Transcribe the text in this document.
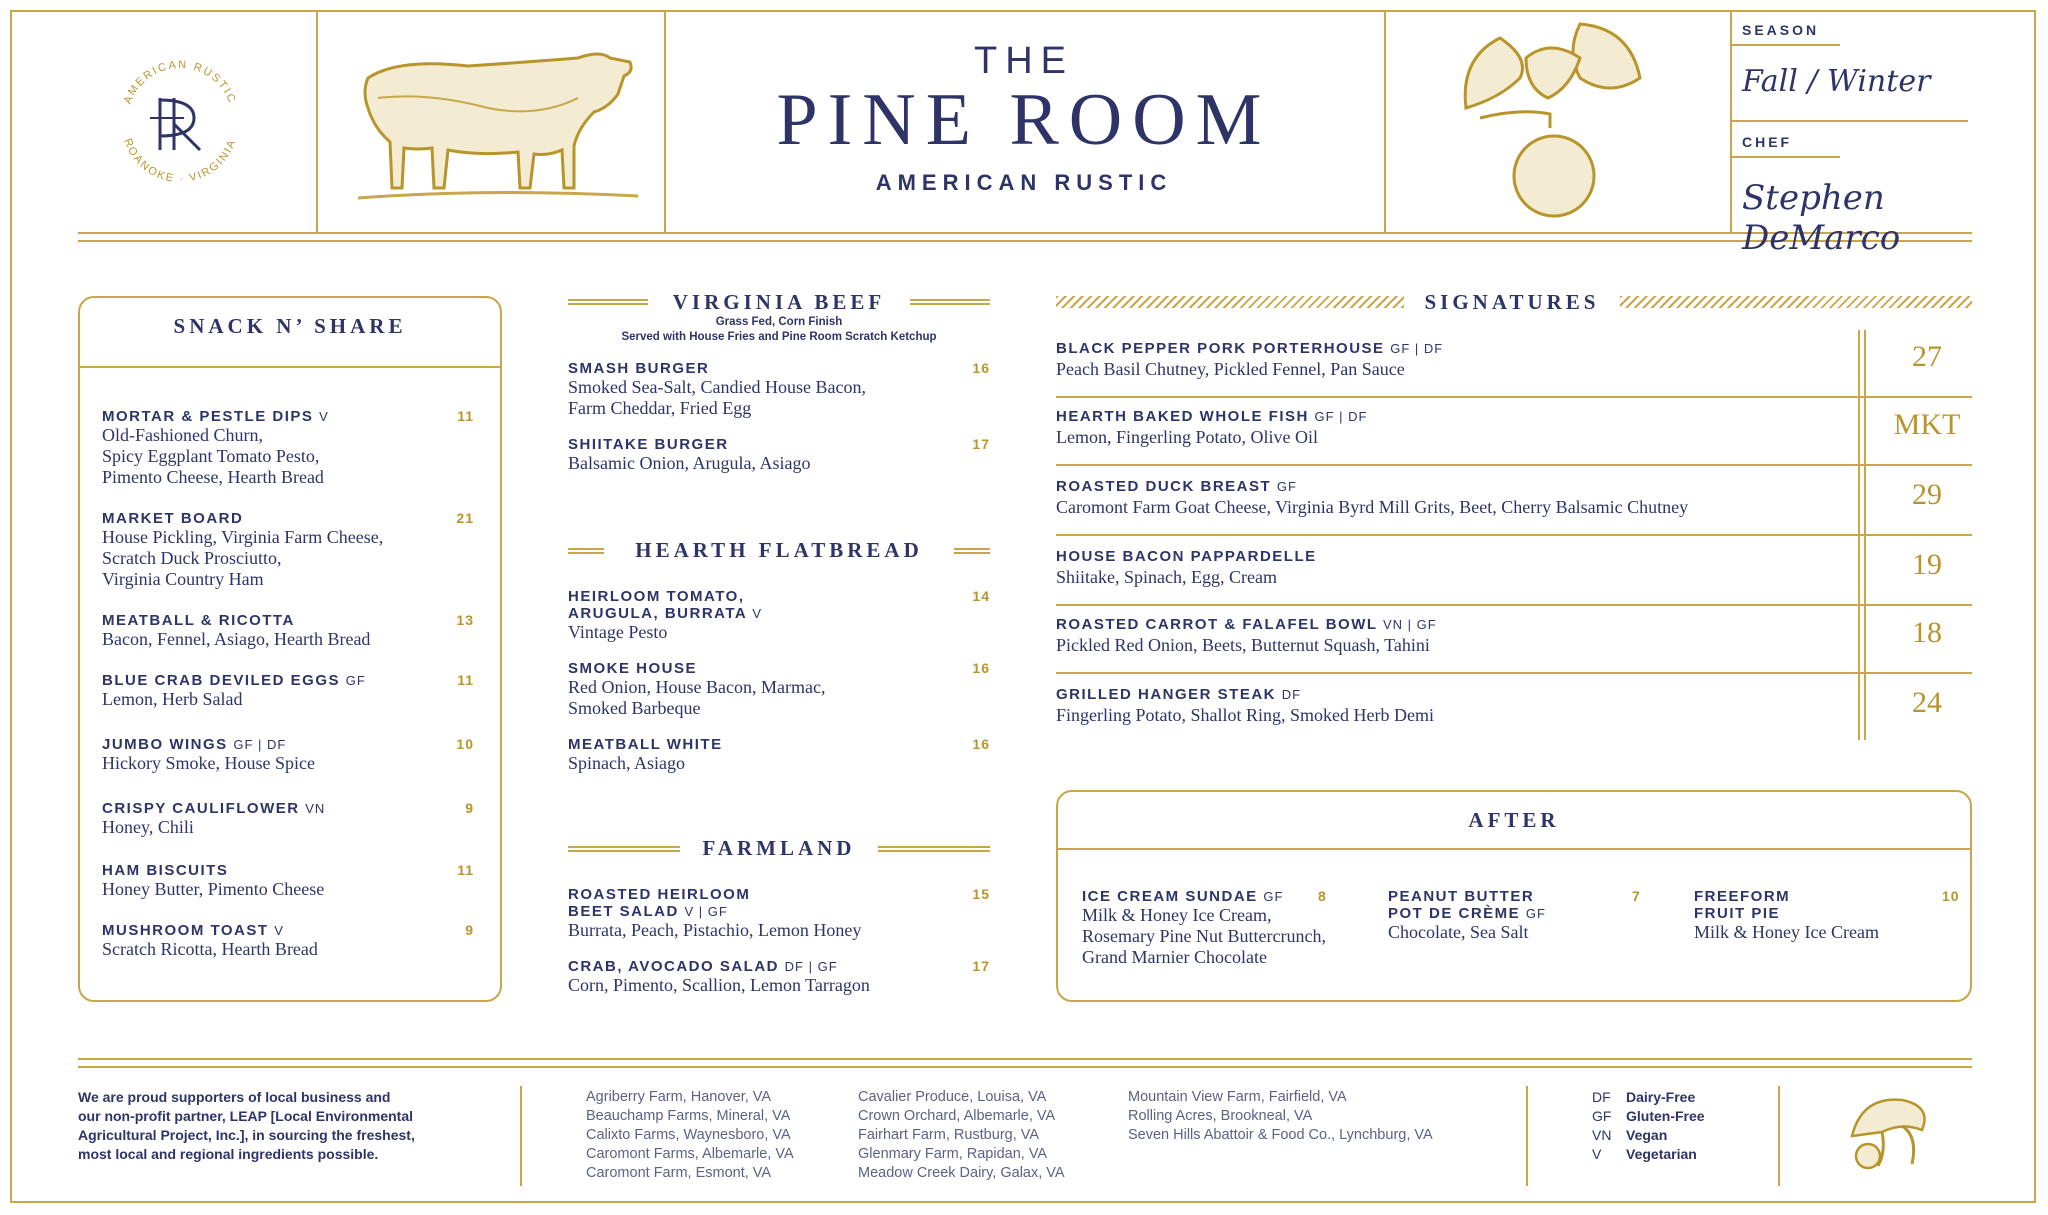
AMERICAN RUSTIC
ROANOKE · VIRGINIA
THE
PINE ROOM
AMERICAN RUSTIC
SEASON
Fall / Winter
CHEF
Stephen DeMarco
SNACK N’ SHARE
MORTAR & PESTLE DIPS V	11
Old-Fashioned Churn,
Spicy Eggplant Tomato Pesto,
Pimento Cheese, Hearth Bread
MARKET BOARD	21
House Pickling, Virginia Farm Cheese,
Scratch Duck Prosciutto,
Virginia Country Ham
MEATBALL & RICOTTA	13
Bacon, Fennel, Asiago, Hearth Bread
BLUE CRAB DEVILED EGGS GF	11
Lemon, Herb Salad
JUMBO WINGS GF | DF	10
Hickory Smoke, House Spice
CRISPY CAULIFLOWER VN	9
Honey, Chili
HAM BISCUITS	11
Honey Butter, Pimento Cheese
MUSHROOM TOAST V	9
Scratch Ricotta, Hearth Bread
VIRGINIA BEEF
Grass Fed, Corn Finish
Served with House Fries and Pine Room Scratch Ketchup
SMASH BURGER	16
Smoked Sea-Salt, Candied House Bacon,
Farm Cheddar, Fried Egg
SHIITAKE BURGER	17
Balsamic Onion, Arugula, Asiago
HEARTH FLATBREAD
HEIRLOOM TOMATO,
ARUGULA, BURRATA V
14
Vintage Pesto
SMOKE HOUSE	16
Red Onion, House Bacon, Marmac,
Smoked Barbeque
MEATBALL WHITE	16
Spinach, Asiago
FARMLAND
ROASTED HEIRLOOM
BEET SALAD V | GF
15
Burrata, Peach, Pistachio, Lemon Honey
CRAB, AVOCADO SALAD DF | GF	17
Corn, Pimento, Scallion, Lemon Tarragon
SIGNATURES
BLACK PEPPER PORK PORTERHOUSE GF | DF
Peach Basil Chutney, Pickled Fennel, Pan Sauce	27
HEARTH BAKED WHOLE FISH GF | DF
Lemon, Fingerling Potato, Olive Oil	MKT
ROASTED DUCK BREAST GF
Caromont Farm Goat Cheese, Virginia Byrd Mill Grits, Beet, Cherry Balsamic Chutney	29
HOUSE BACON PAPPARDELLE
Shiitake, Spinach, Egg, Cream	19
ROASTED CARROT & FALAFEL BOWL VN | GF
Pickled Red Onion, Beets, Butternut Squash, Tahini	18
GRILLED HANGER STEAK DF
Fingerling Potato, Shallot Ring, Smoked Herb Demi	24
AFTER
ICE CREAM SUNDAE GF	8
Milk & Honey Ice Cream,
Rosemary Pine Nut Buttercrunch,
Grand Marnier Chocolate
PEANUT BUTTER
POT DE CRÈME GF
7
Chocolate, Sea Salt
FREEFORM
FRUIT PIE
10
Milk & Honey Ice Cream
We are proud supporters of local business and
our non-profit partner, LEAP [Local Environmental
Agricultural Project, Inc.], in sourcing the freshest,
most local and regional ingredients possible.
Agriberry Farm, Hanover, VA
Beauchamp Farms, Mineral, VA
Calixto Farms, Waynesboro, VA
Caromont Farms, Albemarle, VA
Caromont Farm, Esmont, VA
Cavalier Produce, Louisa, VA
Crown Orchard, Albemarle, VA
Fairhart Farm, Rustburg, VA
Glenmary Farm, Rapidan, VA
Meadow Creek Dairy, Galax, VA
Mountain View Farm, Fairfield, VA
Rolling Acres, Brookneal, VA
Seven Hills Abattoir & Food Co., Lynchburg, VA
DF Dairy-Free
GF Gluten-Free
VN Vegan
V Vegetarian
